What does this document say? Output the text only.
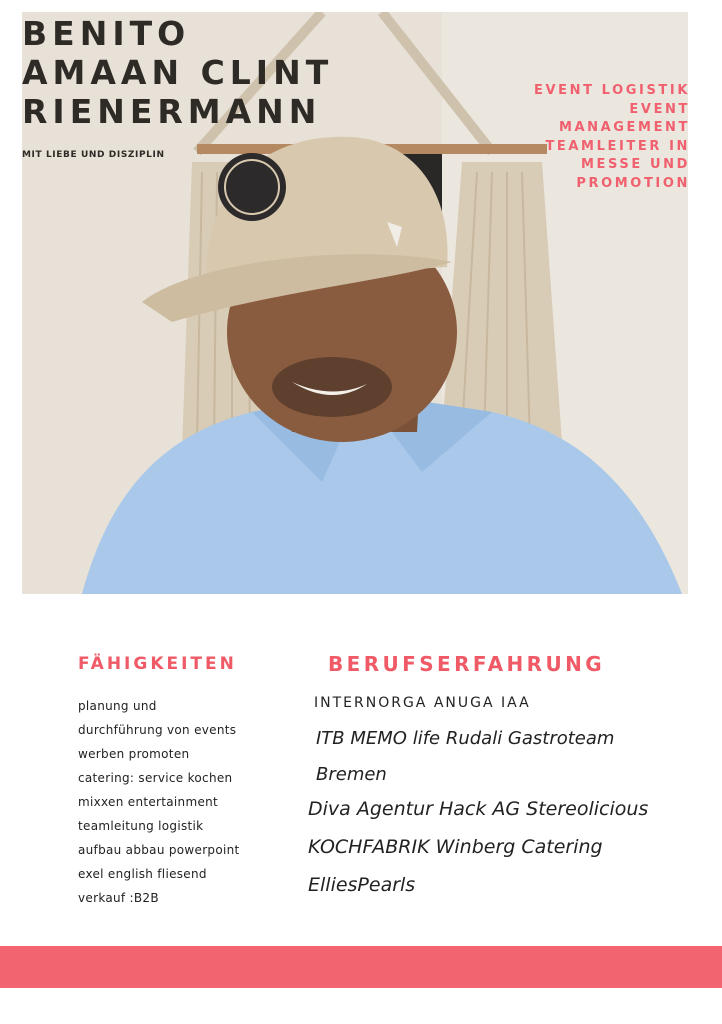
BENITO
AMAAN CLINT
RIENERMANN
MIT LIEBE UND DISZIPLIN
EVENT LOGISTIK
EVENT
MANAGEMENT
TEAMLEITER IN
MESSE UND
PROMOTION
FÄHIGKEITEN
planung und
durchführung von events
werben promoten
catering: service kochen
mixxen entertainment
teamleitung logistik
aufbau abbau powerpoint
exel english fliesend
verkauf :B2B
BERUFSERFAHRUNG
INTERNORGA ANUGA IAA
ITB MEMO life Rudali Gastroteam
Bremen
Diva Agentur Hack AG Stereolicious
KOCHFABRIK Winberg Catering
ElliesPearls
